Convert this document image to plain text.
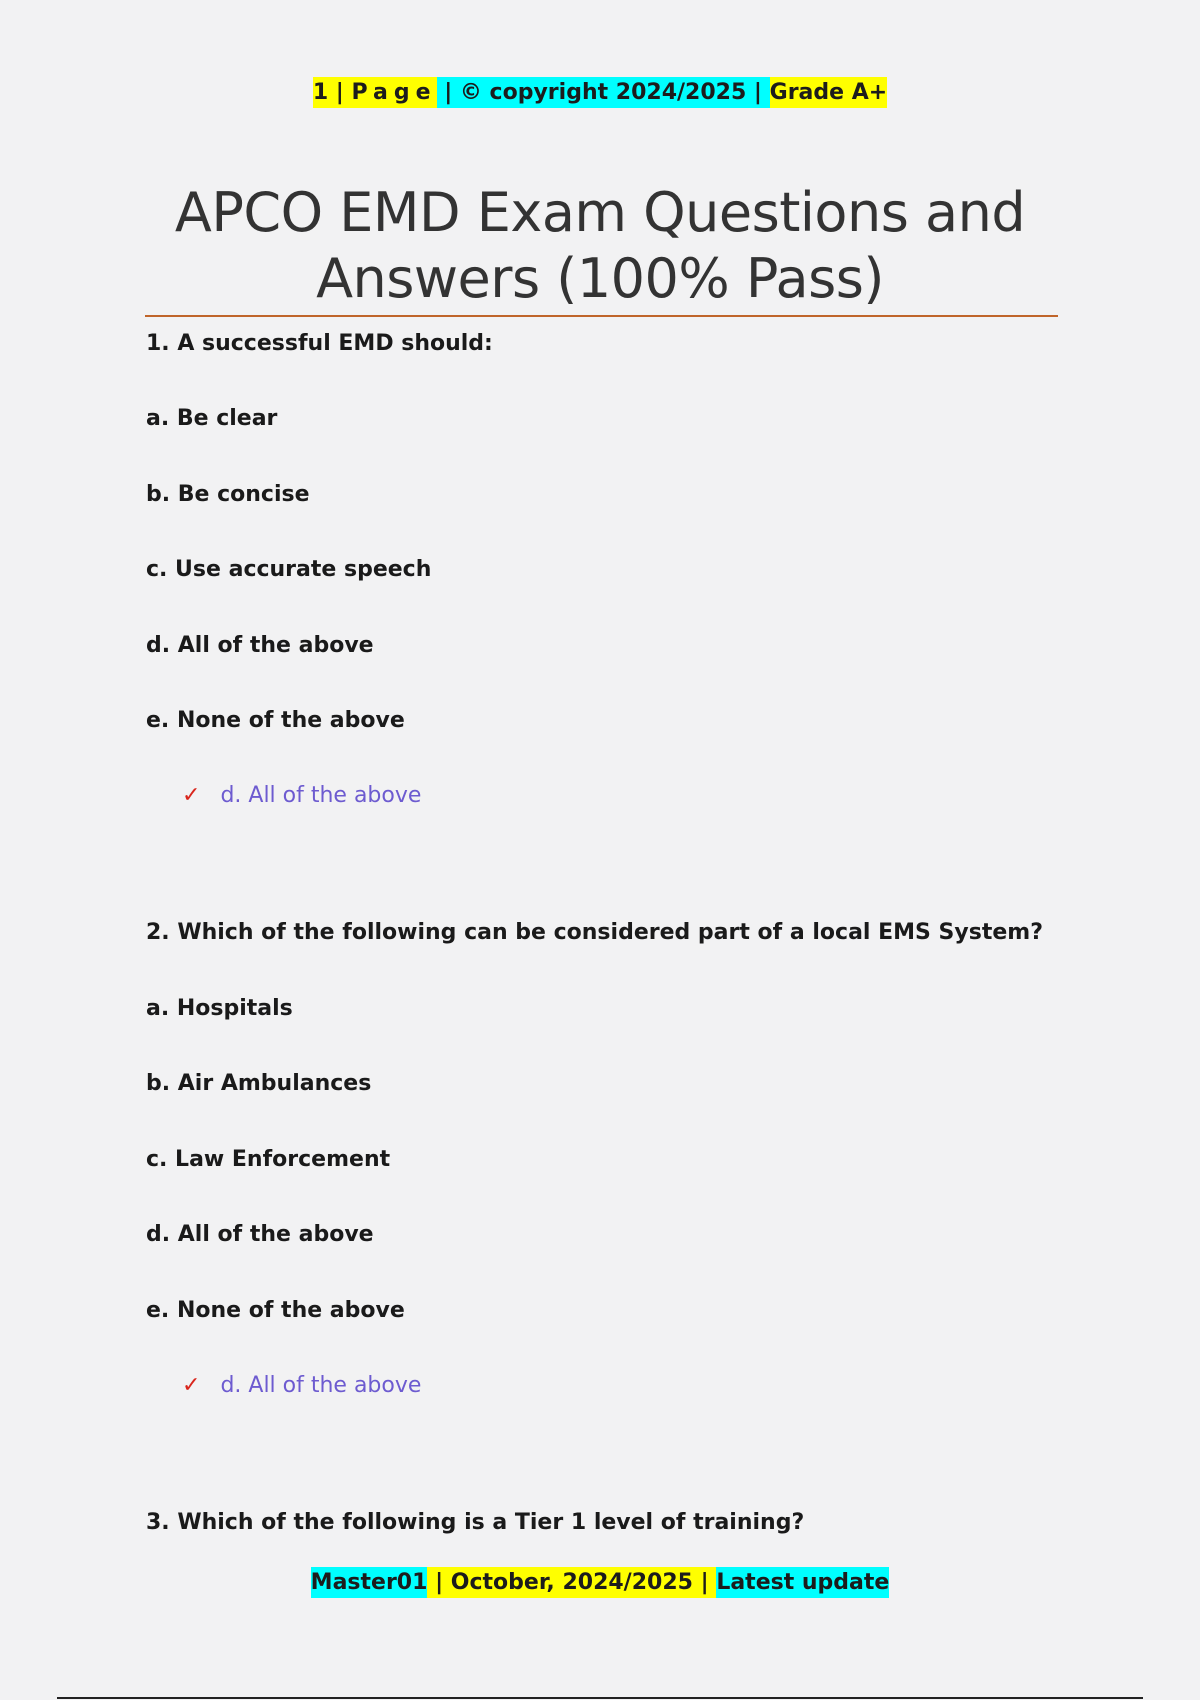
1 | Page | © copyright 2024/2025 | Grade A+
APCO EMD Exam Questions and
Answers (100% Pass)
1. A successful EMD should:
a. Be clear
b. Be concise
c. Use accurate speech
d. All of the above
e. None of the above
✓ d. All of the above
2. Which of the following can be considered part of a local EMS System?
a. Hospitals
b. Air Ambulances
c. Law Enforcement
d. All of the above
e. None of the above
✓ d. All of the above
3. Which of the following is a Tier 1 level of training?
Master01 | October, 2024/2025 | Latest update
